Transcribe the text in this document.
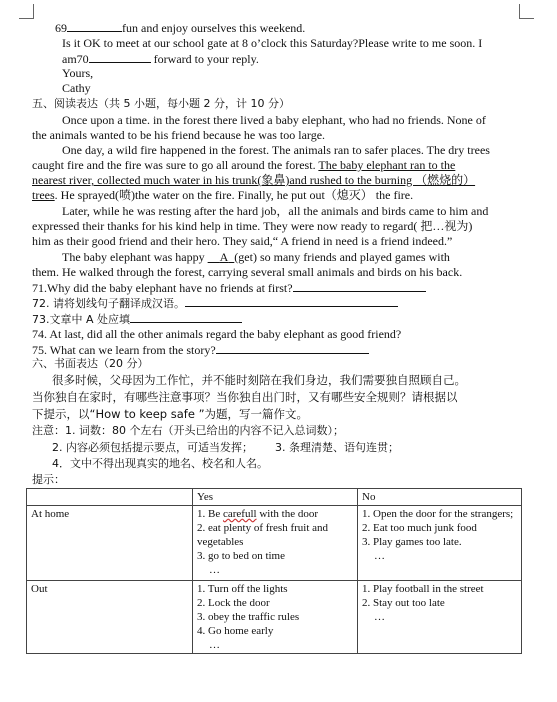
69	fun and enjoy ourselves this weekend.
Is it OK to meet at our school gate at 8 o’clock this Saturday?Please write to me soon. I
am70	forward to your reply.
Yours,
Cathy
五、阅读表达（共 5 小题，每小题 2 分，计 10 分）
Once upon a time. in the forest there lived a baby elephant, who had no friends. None of
the animals wanted to be his friend because he was too large.
One day, a wild fire happened in the forest. The animals ran to safer places. The dry trees
caught fire and the fire was sure to go all around the forest. The baby elephant ran to the
nearest river, collected much water in his trunk(象鼻)and rushed to the burning （燃烧的）
trees. He sprayed(喷)the water on the fire. Finally, he put out（熄灭） the fire.
Later, while he was resting after the hard job，all the animals and birds came to him and
expressed their thanks for his kind help in time. They were now ready to regard( 把…视为)
him as their good friend and their hero. They said,“ A friend in need is a friend indeed.”
The baby elephant was happy A (get) so many friends and played games with
them. He walked through the forest, carrying several small animals and birds on his back.
71.Why did the baby elephant have no friends at first?
72. 请将划线句子翻译成汉语。
73.文章中 A 处应填
74. At last, did all the other animals regard the baby elephant as good friend?
75. What can we learn from the story?
六、书面表达（20 分）
很多时候，父母因为工作忙，并不能时刻陪在我们身边，我们需要独自照顾自己。
当你独自在家时，有哪些注意事项？当你独自出门时，又有哪些安全规则？请根据以
下提示，以“How to keep safe ”为题，写一篇作文。
注意：1. 词数：80 个左右（开头已给出的内容不记入总词数）；
2. 内容必须包括提示要点，可适当发挥； 3. 条理清楚、语句连贯；
4．文中不得出现真实的地名、校名和人名。
提示：
	Yes	No
At home	1. Be carefull with the door
2. eat plenty of fresh fruit and vegetables
3. go to bed on time
…	1. Open the door for the strangers;
2. Eat too much junk food
3. Play games too late.
…

Out	1. Turn off the lights
2. Lock the door
3. obey the traffic rules
4. Go home early
…	1. Play football in the street
2. Stay out too late
…
